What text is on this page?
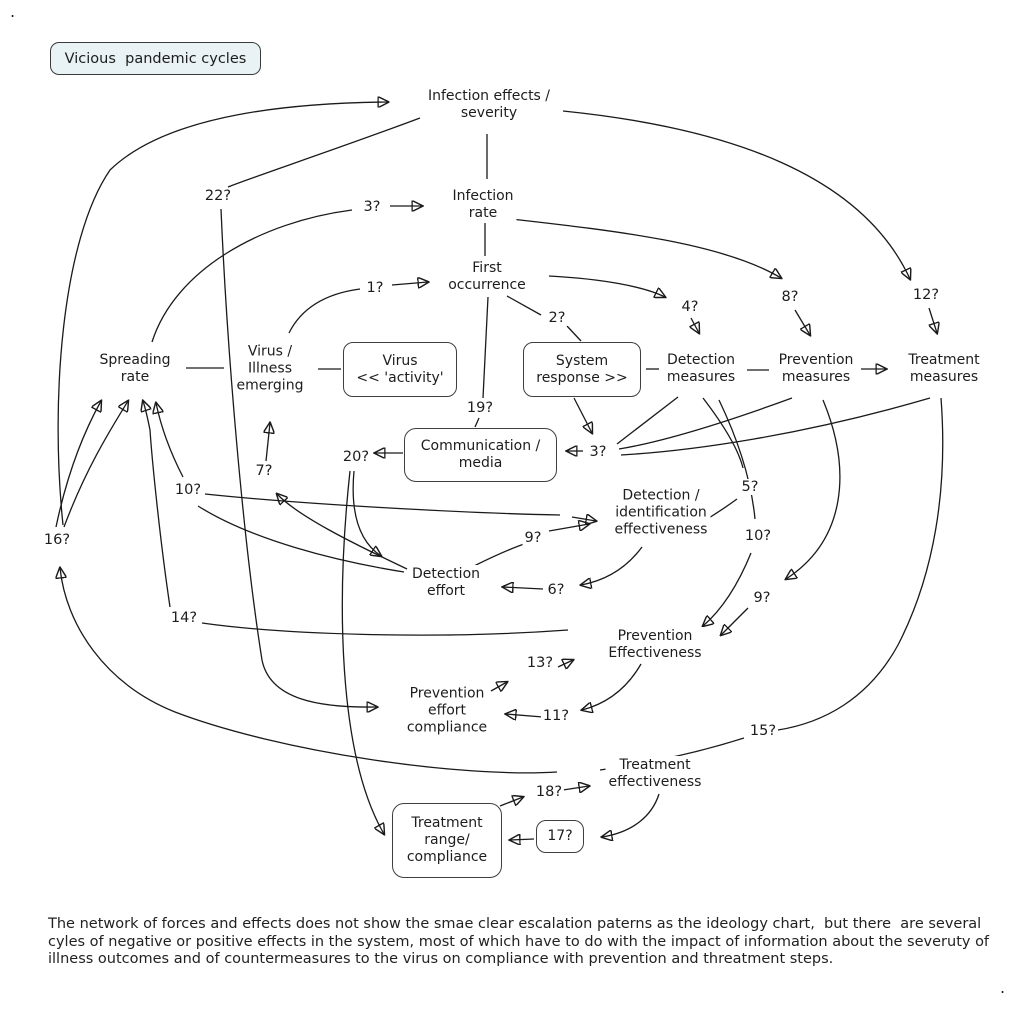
.
.
Vicious  pandemic cycles
Infection effects /
severity
Infection
rate
First
occurrence
Spreading
rate
Virus /
Illness
emerging
Detection
measures
Prevention
measures
Treatment
measures
Detection /
identification
effectiveness
Detection
effort
Prevention
Effectiveness
Prevention
effort
compliance
Treatment
effectiveness
Virus
<< 'activity'
System
response >>
Communication /
media
Treatment
range/
compliance
17?
22?
3?
1?
2?
4?
8?	12?
19?
3?
20?
7?
5?
10?
9?	10?
16?
6?	9?
14?
13?
11?
15?
18?
The network of forces and effects does not show the smae clear escalation paterns as the ideology chart,  but there  are several cyles of negative or positive effects in the system, most of which have to do with the impact of information about the severuty of  illness outcomes and of countermeasures to the virus on compliance with prevention and threatment steps.
